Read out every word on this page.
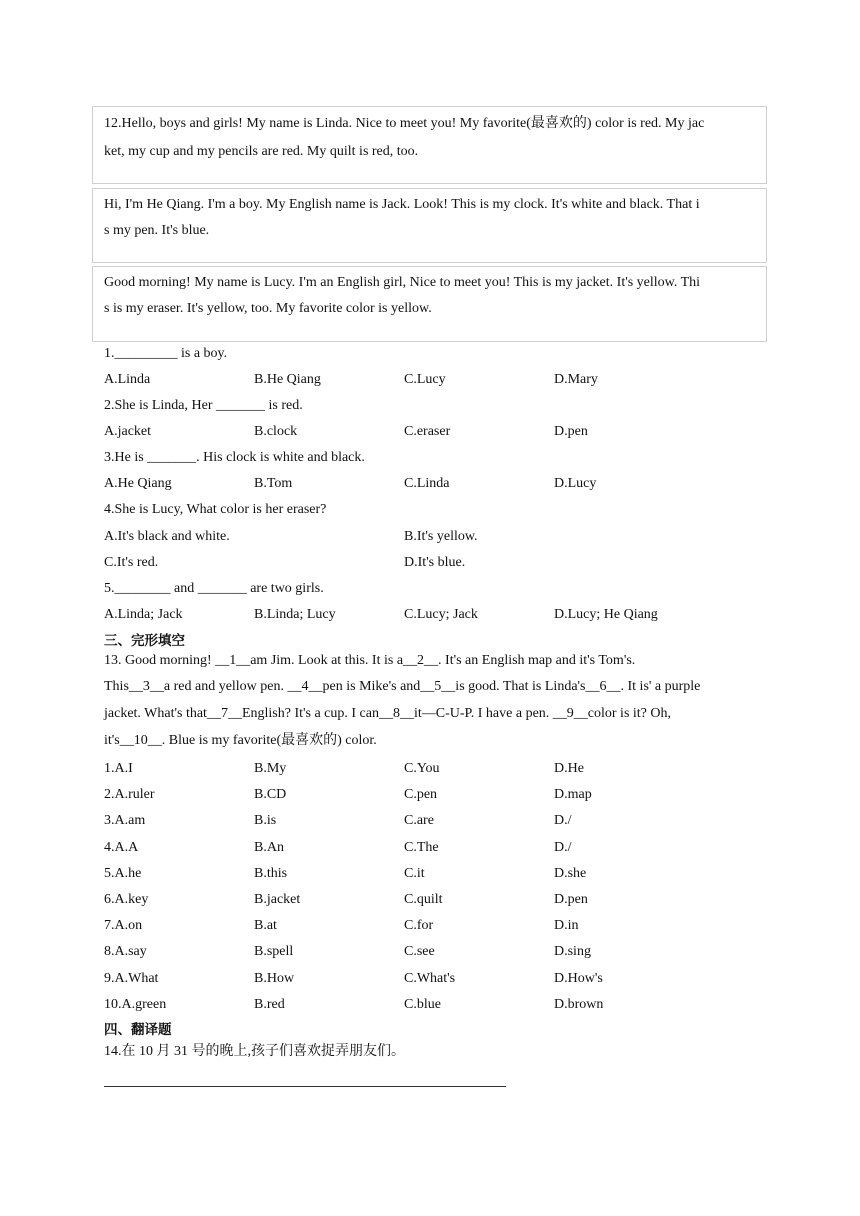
12.Hello, boys and girls! My name is Linda. Nice to meet you! My favorite(最喜欢的) color is red. My jac
ket, my cup and my pencils are red. My quilt is red, too.
Hi, I'm He Qiang. I'm a boy. My English name is Jack. Look! This is my clock. It's white and black. That i
s my pen. It's blue.
Good morning! My name is Lucy. I'm an English girl, Nice to meet you! This is my jacket. It's yellow. Thi
s is my eraser. It's yellow, too. My favorite color is yellow.
1._________ is a boy.
A.Linda	B.He Qiang	C.Lucy	D.Mary
2.She is Linda, Her _______ is red.
A.jacket	B.clock	C.eraser	D.pen
3.He is _______. His clock is white and black.
A.He Qiang	B.Tom	C.Linda	D.Lucy
4.She is Lucy, What color is her eraser?
A.It's black and white.	B.It's yellow.
C.It's red.	D.It's blue.
5.________ and _______ are two girls.
A.Linda; Jack	B.Linda; Lucy	C.Lucy; Jack	D.Lucy; He Qiang
三、完形填空
13. Good morning! __1__am Jim. Look at this. It is a__2__. It's an English map and it's Tom's.
This__3__a red and yellow pen. __4__pen is Mike's and__5__is good. That is Linda's__6__. It is' a purple
jacket. What's that__7__English? It's a cup. I can__8__it—C-U-P. I have a pen. __9__color is it? Oh,
it's__10__. Blue is my favorite(最喜欢的) color.
1.A.I	B.My	C.You	D.He
2.A.ruler	B.CD	C.pen	D.map
3.A.am	B.is	C.are	D./
4.A.A	B.An	C.The	D./
5.A.he	B.this	C.it	D.she
6.A.key	B.jacket	C.quilt	D.pen
7.A.on	B.at	C.for	D.in
8.A.say	B.spell	C.see	D.sing
9.A.What	B.How	C.What's	D.How's
10.A.green	B.red	C.blue	D.brown
四、翻译题
14.在 10 月 31 号的晚上,孩子们喜欢捉弄朋友们。
